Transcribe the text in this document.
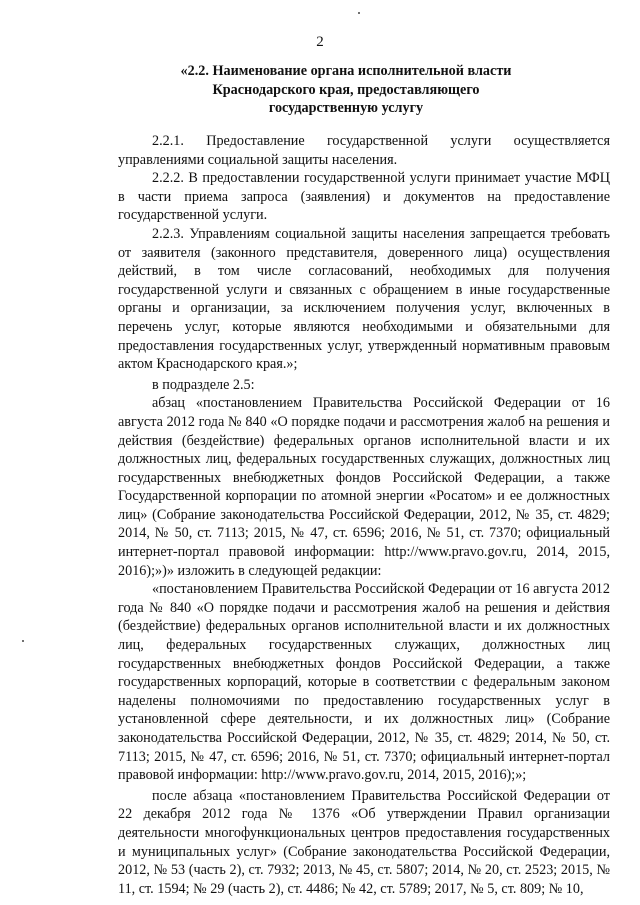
2
«2.2. Наименование органа исполнительной власти
Краснодарского края, предоставляющего
государственную услугу

2.2.1. Предоставление государственной услуги осуществляется управлениями социальной защиты населения.

2.2.2. В предоставлении государственной услуги принимает участие МФЦ в части приема запроса (заявления) и документов на предоставление государственной услуги.

2.2.3. Управлениям социальной защиты населения запрещается требовать от заявителя (законного представителя, доверенного лица) осуществления действий, в том числе согласований, необходимых для получения государственной услуги и связанных с обращением в иные государственные органы и организации, за исключением получения услуг, включенных в перечень услуг, которые являются необходимыми и обязательными для предоставления государственных услуг, утвержденный нормативным правовым актом Краснодарского края.»;

в подразделе 2.5:

абзац «постановлением Правительства Российской Федерации от 16 августа 2012 года № 840 «О порядке подачи и рассмотрения жалоб на решения и действия (бездействие) федеральных органов исполнительной власти и их должностных лиц, федеральных государственных служащих, должностных лиц государственных внебюджетных фондов Российской Федерации, а также Государственной корпорации по атомной энергии «Росатом» и ее должностных лиц» (Собрание законодательства Российской Федерации, 2012, № 35, ст. 4829; 2014, № 50, ст. 7113; 2015, № 47, ст. 6596; 2016, № 51, ст. 7370; официальный интернет-портал правовой информации: http://www.pravo.gov.ru, 2014, 2015, 2016);»)» изложить в следующей редакции:

«постановлением Правительства Российской Федерации от 16 августа 2012 года № 840 «О порядке подачи и рассмотрения жалоб на решения и действия (бездействие) федеральных органов исполнительной власти и их должностных лиц, федеральных государственных служащих, должностных лиц государственных внебюджетных фондов Российской Федерации, а также государственных корпораций, которые в соответствии с федеральным законом наделены полномочиями по предоставлению государственных услуг в установленной сфере деятельности, и их должностных лиц» (Собрание законодательства Российской Федерации, 2012, № 35, ст. 4829; 2014, № 50, ст. 7113; 2015, № 47, ст. 6596; 2016, № 51, ст. 7370; официальный интернет-портал правовой информации: http://www.pravo.gov.ru, 2014, 2015, 2016);»;

после абзаца «постановлением Правительства Российской Федерации от 22 декабря 2012 года № 1376 «Об утверждении Правил организации деятельности многофункциональных центров предоставления государственных и муниципальных услуг» (Собрание законодательства Российской Федерации, 2012, № 53 (часть 2), ст. 7932; 2013, № 45, ст. 5807; 2014, № 20, ст. 2523; 2015, № 11, ст. 1594; № 29 (часть 2), ст. 4486; № 42, ст. 5789; 2017, № 5, ст. 809; № 10,
